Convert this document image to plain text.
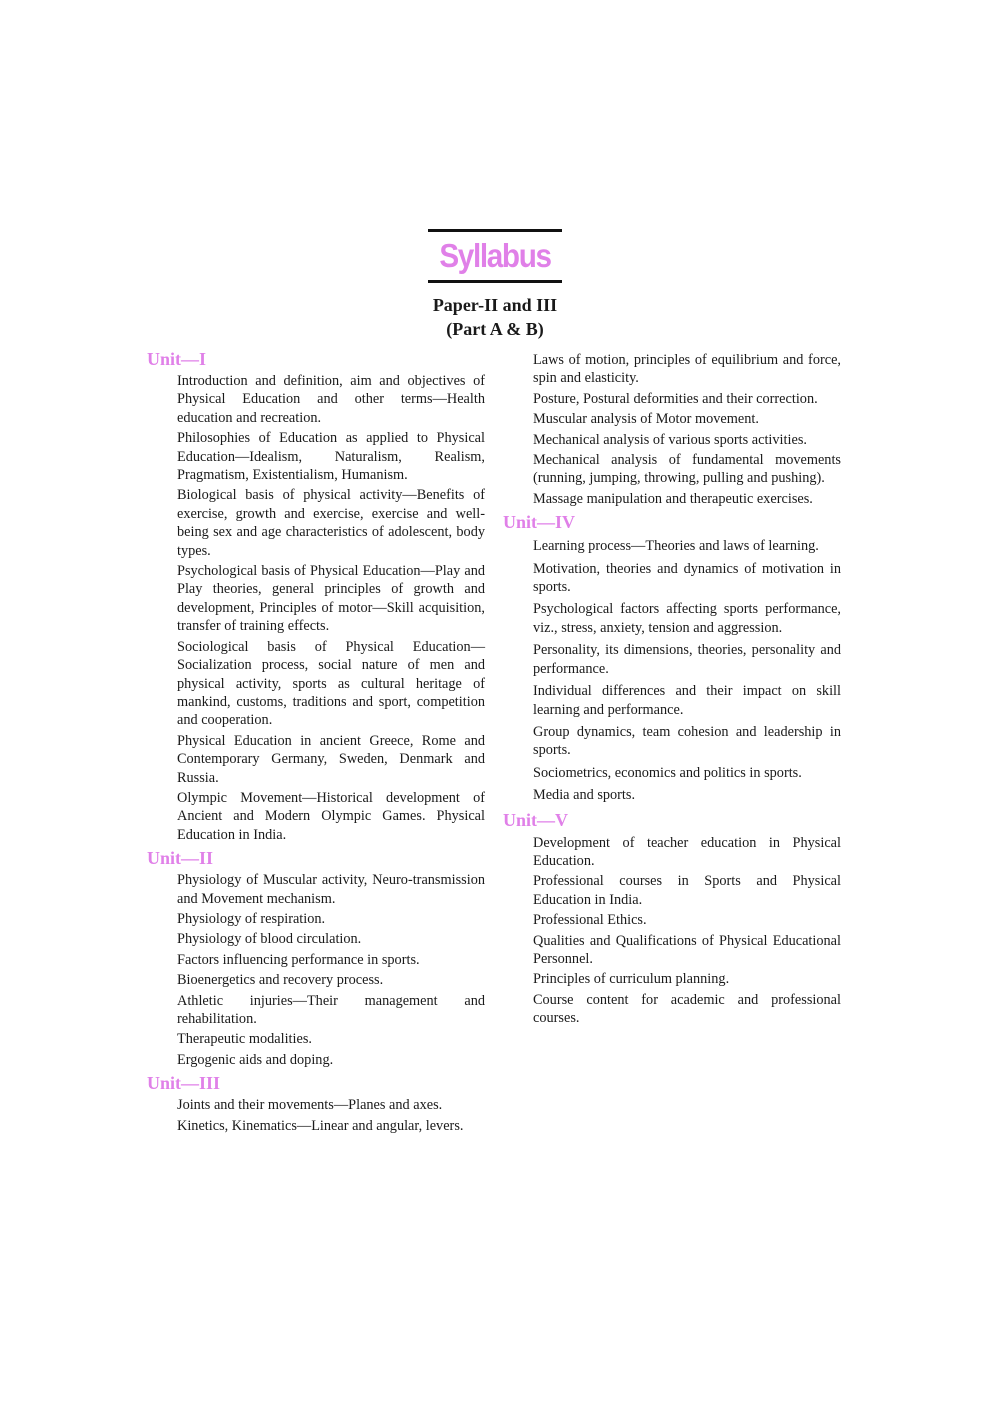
Syllabus
Paper-II and III
(Part A & B)
Unit—I
Introduction and definition, aim and objectives of Physical Education and other terms—Health education and recreation.
Philosophies of Education as applied to Physical Education—Idealism, Naturalism, Realism, Pragmatism, Existentialism, Humanism.
Biological basis of physical activity—Benefits of exercise, growth and exercise, exercise and well-being sex and age characteristics of adolescent, body types.
Psychological basis of Physical Education—Play and Play theories, general principles of growth and development, Principles of motor—Skill acquisition, transfer of training effects.
Sociological basis of Physical Education—Socialization process, social nature of men and physical activity, sports as cultural heritage of mankind, customs, traditions and sport, competition and cooperation.
Physical Education in ancient Greece, Rome and Contemporary Germany, Sweden, Denmark and Russia.
Olympic Movement—Historical development of Ancient and Modern Olympic Games. Physical Education in India.
Unit—II
Physiology of Muscular activity, Neuro-transmission and Movement mechanism.
Physiology of respiration.
Physiology of blood circulation.
Factors influencing performance in sports.
Bioenergetics and recovery process.
Athletic injuries—Their management and rehabilitation.
Therapeutic modalities.
Ergogenic aids and doping.
Unit—III
Joints and their movements—Planes and axes.
Kinetics, Kinematics—Linear and angular, levers.
Laws of motion, principles of equilibrium and force, spin and elasticity.
Posture, Postural deformities and their correction.
Muscular analysis of Motor movement.
Mechanical analysis of various sports activities.
Mechanical analysis of fundamental movements (running, jumping, throwing, pulling and pushing).
Massage manipulation and therapeutic exercises.
Unit—IV
Learning process—Theories and laws of learning.
Motivation, theories and dynamics of motivation in sports.
Psychological factors affecting sports performance, viz., stress, anxiety, tension and aggression.
Personality, its dimensions, theories, personality and performance.
Individual differences and their impact on skill learning and performance.
Group dynamics, team cohesion and leadership in sports.
Sociometrics, economics and politics in sports.
Media and sports.
Unit—V
Development of teacher education in Physical Education.
Professional courses in Sports and Physical Education in India.
Professional Ethics.
Qualities and Qualifications of Physical Educational Personnel.
Principles of curriculum planning.
Course content for academic and professional courses.
